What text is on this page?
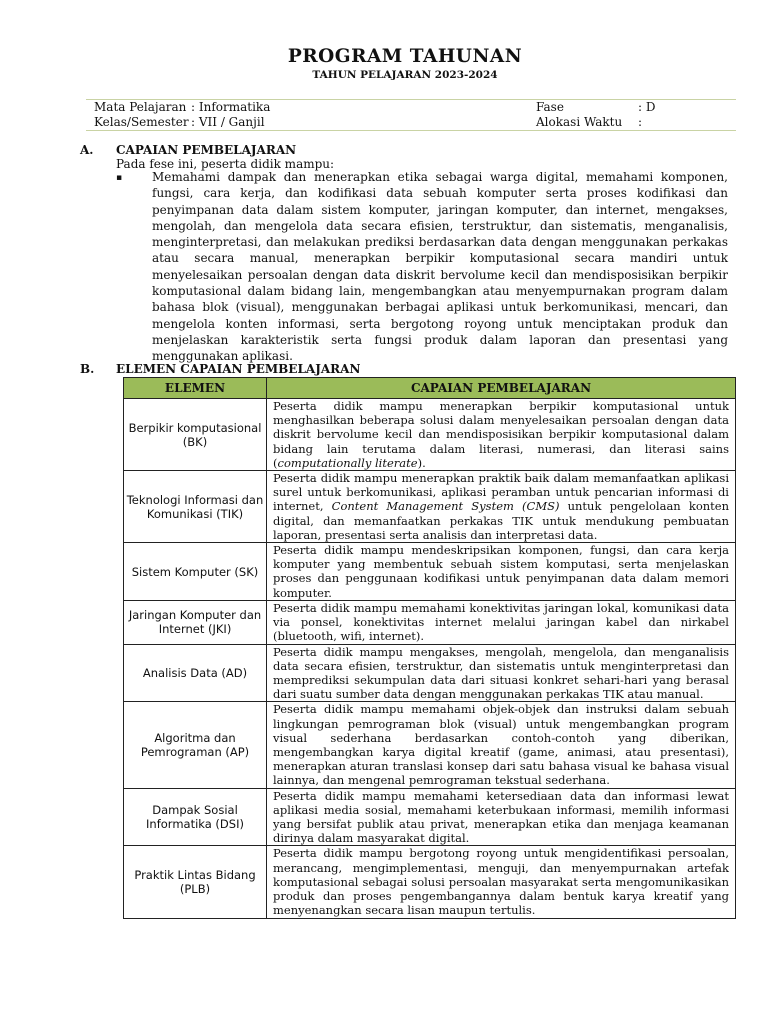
PROGRAM TAHUNAN
TAHUN PELAJARAN 2023-2024
Mata Pelajaran : Informatika	Fase	: D
Kelas/Semester : VII / Ganjil	Alokasi Waktu :
A. CAPAIAN PEMBELAJARAN
Pada fese ini, peserta didik mampu:
▪ Memahami dampak dan menerapkan etika sebagai warga digital, memahami komponen, fungsi, cara kerja, dan kodifikasi data sebuah komputer serta proses kodifikasi dan penyimpanan data dalam sistem komputer, jaringan komputer, dan internet, mengakses, mengolah, dan mengelola data secara efisien, terstruktur, dan sistematis, menganalisis, menginterpretasi, dan melakukan prediksi berdasarkan data dengan menggunakan perkakas atau secara manual, menerapkan berpikir komputasional secara mandiri untuk menyelesaikan persoalan dengan data diskrit bervolume kecil dan mendisposisikan berpikir komputasional dalam bidang lain, mengembangkan atau menyempurnakan program dalam bahasa blok (visual), menggunakan berbagai aplikasi untuk berkomunikasi, mencari, dan mengelola konten informasi, serta bergotong royong untuk menciptakan produk dan menjelaskan karakteristik serta fungsi produk dalam laporan dan presentasi yang menggunakan aplikasi.
B. ELEMEN CAPAIAN PEMBELAJARAN
ELEMEN	CAPAIAN PEMBELAJARAN
Berpikir komputasional (BK)	Peserta didik mampu menerapkan berpikir komputasional untuk menghasilkan beberapa solusi dalam menyelesaikan persoalan dengan data diskrit bervolume kecil dan mendisposisikan berpikir komputasional dalam bidang lain terutama dalam literasi, numerasi, dan literasi sains (computationally literate).
Teknologi Informasi dan Komunikasi (TIK)	Peserta didik mampu menerapkan praktik baik dalam memanfaatkan aplikasi surel untuk berkomunikasi, aplikasi peramban untuk pencarian informasi di internet, Content Management System (CMS) untuk pengelolaan konten digital, dan memanfaatkan perkakas TIK untuk mendukung pembuatan laporan, presentasi serta analisis dan interpretasi data.
Sistem Komputer (SK)	Peserta didik mampu mendeskripsikan komponen, fungsi, dan cara kerja komputer yang membentuk sebuah sistem komputasi, serta menjelaskan proses dan penggunaan kodifikasi untuk penyimpanan data dalam memori komputer.
Jaringan Komputer dan Internet (JKI)	Peserta didik mampu memahami konektivitas jaringan lokal, komunikasi data via ponsel, konektivitas internet melalui jaringan kabel dan nirkabel (bluetooth, wifi, internet).
Analisis Data (AD)	Peserta didik mampu mengakses, mengolah, mengelola, dan menganalisis data secara efisien, terstruktur, dan sistematis untuk menginterpretasi dan memprediksi sekumpulan data dari situasi konkret sehari-hari yang berasal dari suatu sumber data dengan menggunakan perkakas TIK atau manual.
Algoritma dan Pemrograman (AP)	Peserta didik mampu memahami objek-objek dan instruksi dalam sebuah lingkungan pemrograman blok (visual) untuk mengembangkan program visual sederhana berdasarkan contoh-contoh yang diberikan, mengembangkan karya digital kreatif (game, animasi, atau presentasi), menerapkan aturan translasi konsep dari satu bahasa visual ke bahasa visual lainnya, dan mengenal pemrograman tekstual sederhana.
Dampak Sosial Informatika (DSI)	Peserta didik mampu memahami ketersediaan data dan informasi lewat aplikasi media sosial, memahami keterbukaan informasi, memilih informasi yang bersifat publik atau privat, menerapkan etika dan menjaga keamanan dirinya dalam masyarakat digital.
Praktik Lintas Bidang (PLB)	Peserta didik mampu bergotong royong untuk mengidentifikasi persoalan, merancang, mengimplementasi, menguji, dan menyempurnakan artefak komputasional sebagai solusi persoalan masyarakat serta mengomunikasikan produk dan proses pengembangannya dalam bentuk karya kreatif yang menyenangkan secara lisan maupun tertulis.
